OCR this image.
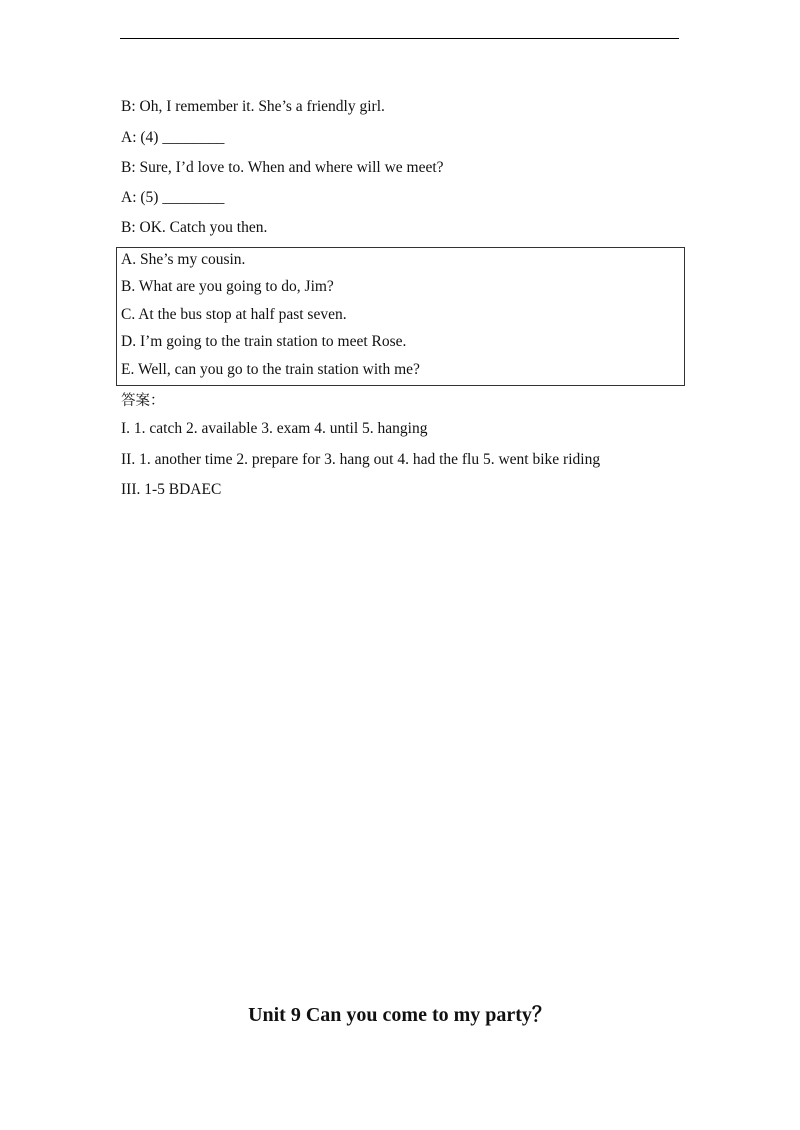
B: Oh, I remember it. She’s a friendly girl.
A: (4) ________
B: Sure, I’d love to. When and where will we meet?
A: (5) ________
B: OK. Catch you then.
A. She’s my cousin.
B. What are you going to do, Jim?
C. At the bus stop at half past seven.
D. I’m going to the train station to meet Rose.
E. Well, can you go to the train station with me?
答案：
I. 1. catch 2. available 3. exam 4. until 5. hanging
II. 1. another time 2. prepare for 3. hang out 4. had the flu 5. went bike riding
III. 1-5 BDAEC
Unit 9 Can you come to my party？
